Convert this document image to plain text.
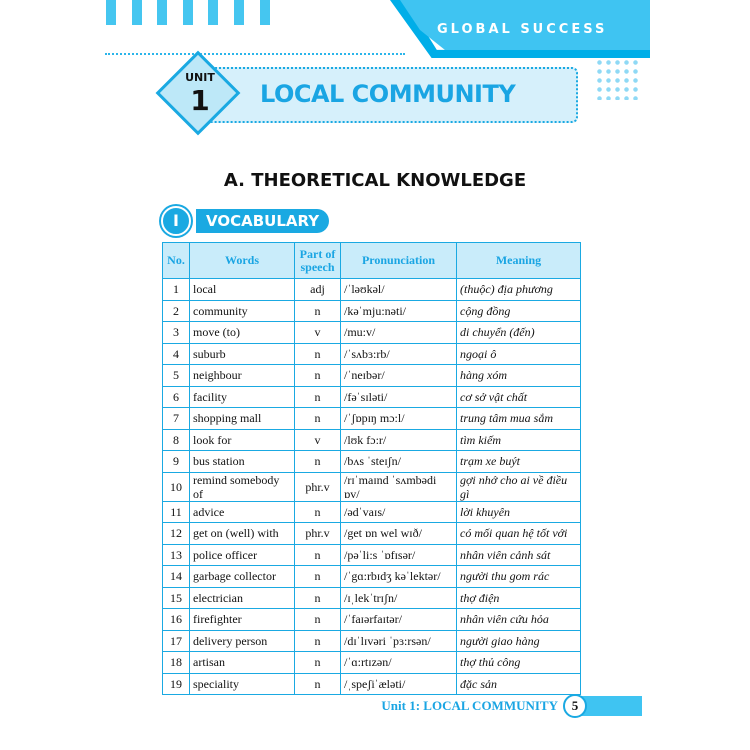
GLOBAL SUCCESS
LOCAL COMMUNITY
UNIT
1
A. THEORETICAL KNOWLEDGE
VOCABULARY
I
No.	Words	Part of speech	Pronunciation	Meaning
1	local	adj	/ˈləʊkəl/	(thuộc) địa phương
2	community	n	/kəˈmju:nəti/	cộng đồng
3	move (to)	v	/mu:v/	di chuyển (đến)
4	suburb	n	/ˈsʌbɜ:rb/	ngoại ô
5	neighbour	n	/ˈneɪbər/	hàng xóm
6	facility	n	/fəˈsɪləti/	cơ sở vật chất
7	shopping mall	n	/ˈʃɒpɪŋ mɔ:l/	trung tâm mua sắm
8	look for	v	/lʊk fɔ:r/	tìm kiếm
9	bus station	n	/bʌs ˈsteɪʃn/	trạm xe buýt
10	remind somebody of	phr.v	/rɪˈmaɪnd ˈsʌmbədi ɒv/	gợi nhớ cho ai về điều gì
11	advice	n	/ədˈvaɪs/	lời khuyên
12	get on (well) with	phr.v	/get ɒn wel wɪð/	có mối quan hệ tốt với
13	police officer	n	/pəˈli:s ˈɒfɪsər/	nhân viên cảnh sát
14	garbage collector	n	/ˈgɑ:rbɪdʒ kəˈlektər/	người thu gom rác
15	electrician	n	/ɪˌlekˈtrɪʃn/	thợ điện
16	firefighter	n	/ˈfaɪərfaɪtər/	nhân viên cứu hỏa
17	delivery person	n	/dɪˈlɪvəri ˈpɜ:rsən/	người giao hàng
18	artisan	n	/ˈɑ:rtɪzən/	thợ thủ công
19	speciality	n	/ˌspeʃiˈæləti/	đặc sản
5
Unit 1: LOCAL COMMUNITY
